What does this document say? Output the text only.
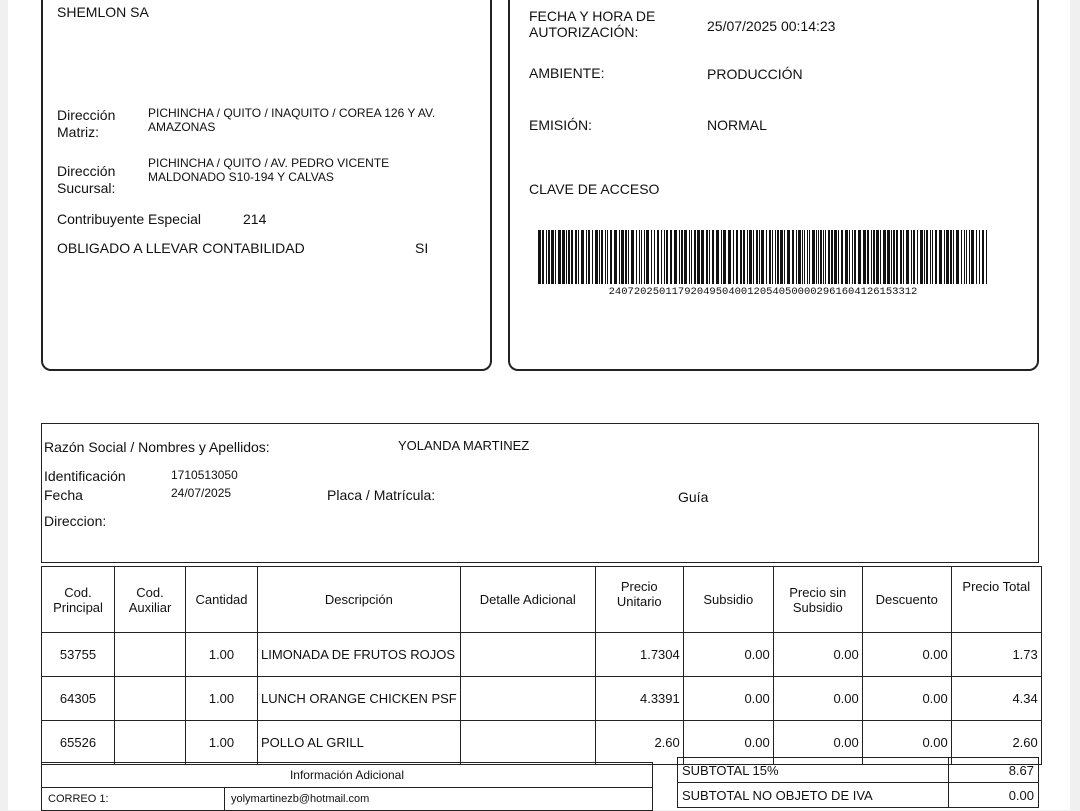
SHEMLON SA
Dirección Matriz:
PICHINCHA / QUITO / INAQUITO / COREA 126 Y AV. AMAZONAS
Dirección Sucursal:
PICHINCHA / QUITO / AV. PEDRO VICENTE MALDONADO S10-194 Y CALVAS
Contribuyente Especial	214
OBLIGADO A LLEVAR CONTABILIDAD	SI
FECHA Y HORA DE AUTORIZACIÓN:	25/07/2025 00:14:23
AMBIENTE:	PRODUCCIÓN
EMISIÓN:	NORMAL
CLAVE DE ACCESO
2407202501179204950400120540500002961604126153312
Razón Social / Nombres y Apellidos:	YOLANDA MARTINEZ
Identificación	1710513050
Fecha	24/07/2025	Placa / Matrícula:	Guía
Direccion:
Cod. Principal	Cod. Auxiliar	Cantidad	Descripción	Detalle Adicional	Precio Unitario	Subsidio	Precio sin Subsidio	Descuento	Precio Total
53755		1.00	LIMONADA DE FRUTOS ROJOS		1.7304	0.00	0.00	0.00	1.73
64305		1.00	LUNCH ORANGE CHICKEN PSF		4.3391	0.00	0.00	0.00	4.34
65526		1.00	POLLO AL GRILL		2.60	0.00	0.00	0.00	2.60
Información Adicional
CORREO 1:	yolymartinezb@hotmail.com
SUBTOTAL 15%	8.67
SUBTOTAL NO OBJETO DE IVA	0.00
